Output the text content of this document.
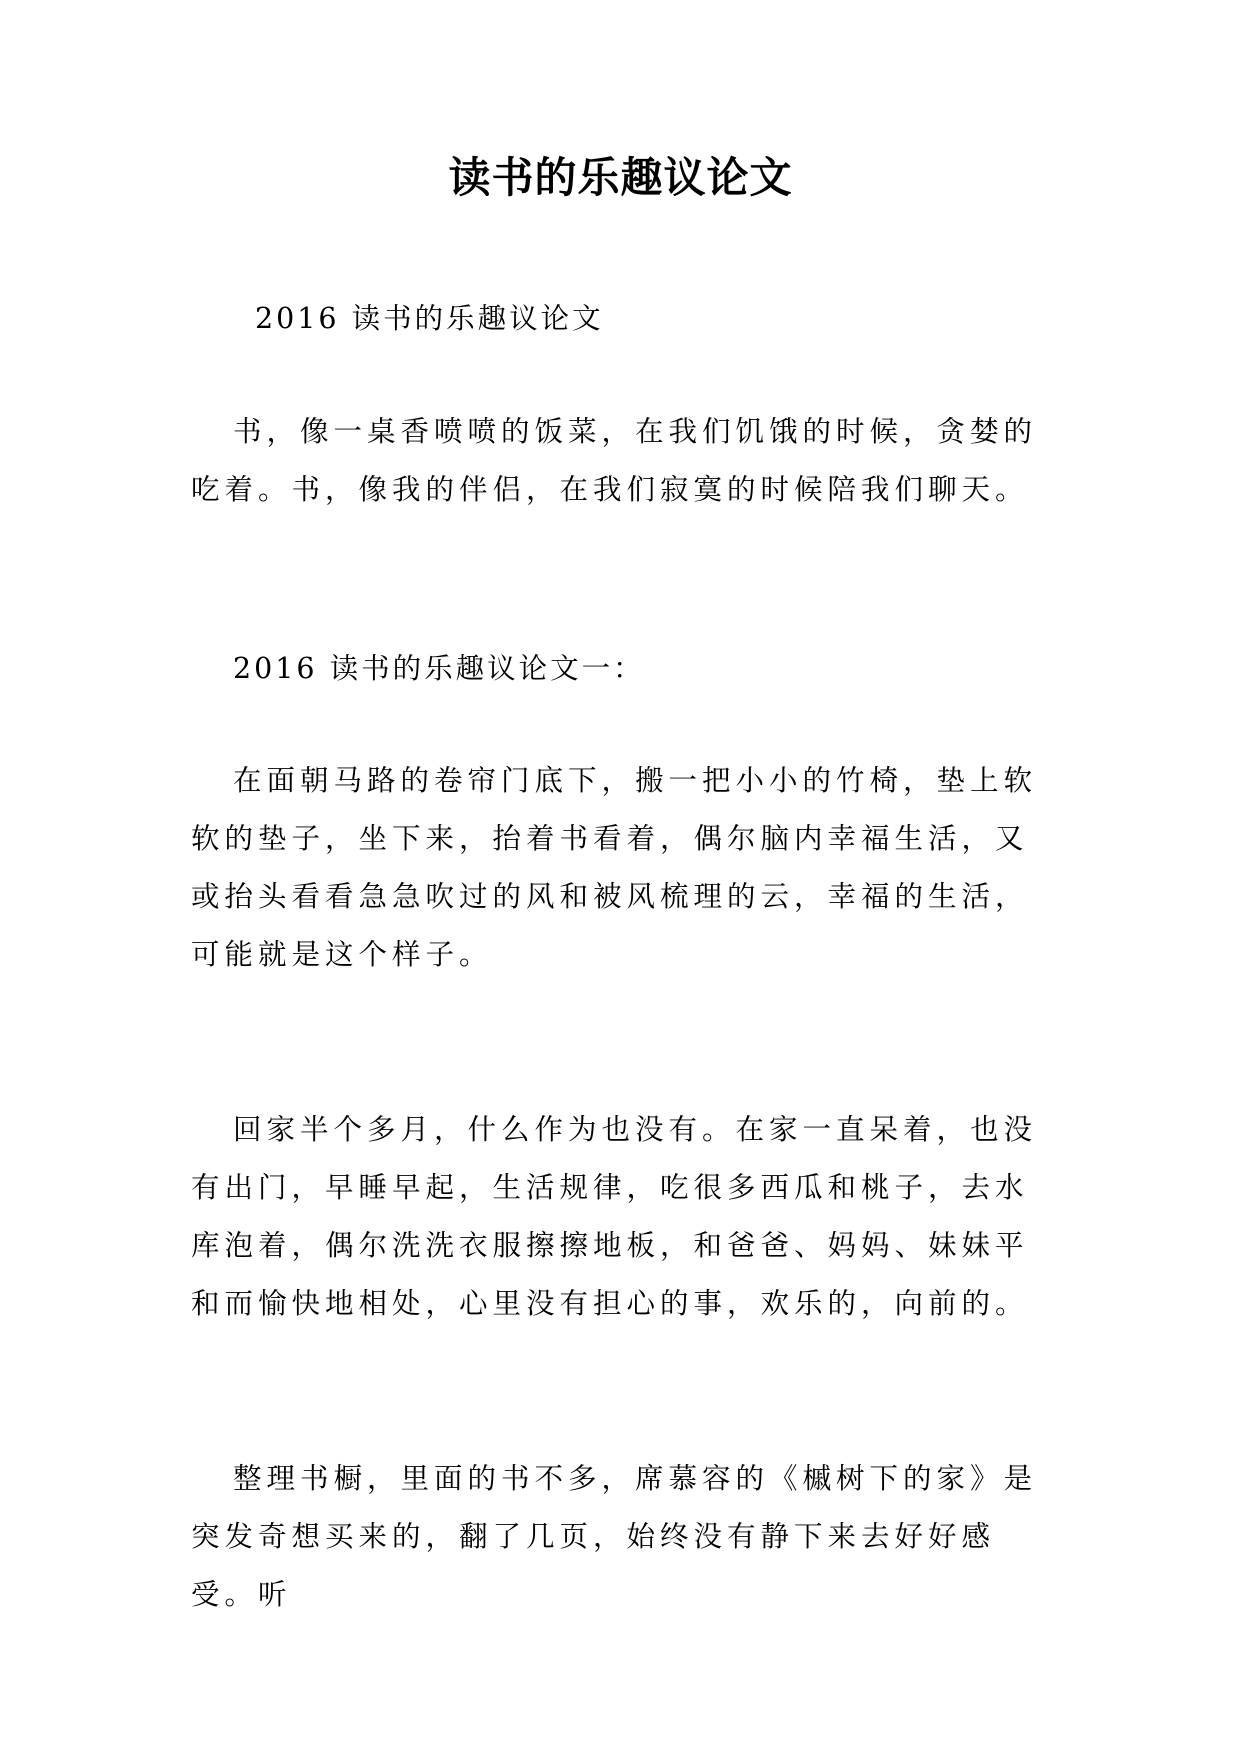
读书的乐趣议论文

2016 读书的乐趣议论文

书，像一桌香喷喷的饭菜，在我们饥饿的时候，贪婪的吃着。书，像我的伴侣，在我们寂寞的时候陪我们聊天。

2016 读书的乐趣议论文一：

在面朝马路的卷帘门底下，搬一把小小的竹椅，垫上软软的垫子，坐下来，抬着书看着，偶尔脑内幸福生活，又或抬头看看急急吹过的风和被风梳理的云，幸福的生活，可能就是这个样子。

回家半个多月，什么作为也没有。在家一直呆着，也没有出门，早睡早起，生活规律，吃很多西瓜和桃子，去水库泡着，偶尔洗洗衣服擦擦地板，和爸爸、妈妈、妹妹平和而愉快地相处，心里没有担心的事，欢乐的，向前的。

整理书橱，里面的书不多，席慕容的《槭树下的家》是突发奇想买来的，翻了几页，始终没有静下来去好好感受。听
